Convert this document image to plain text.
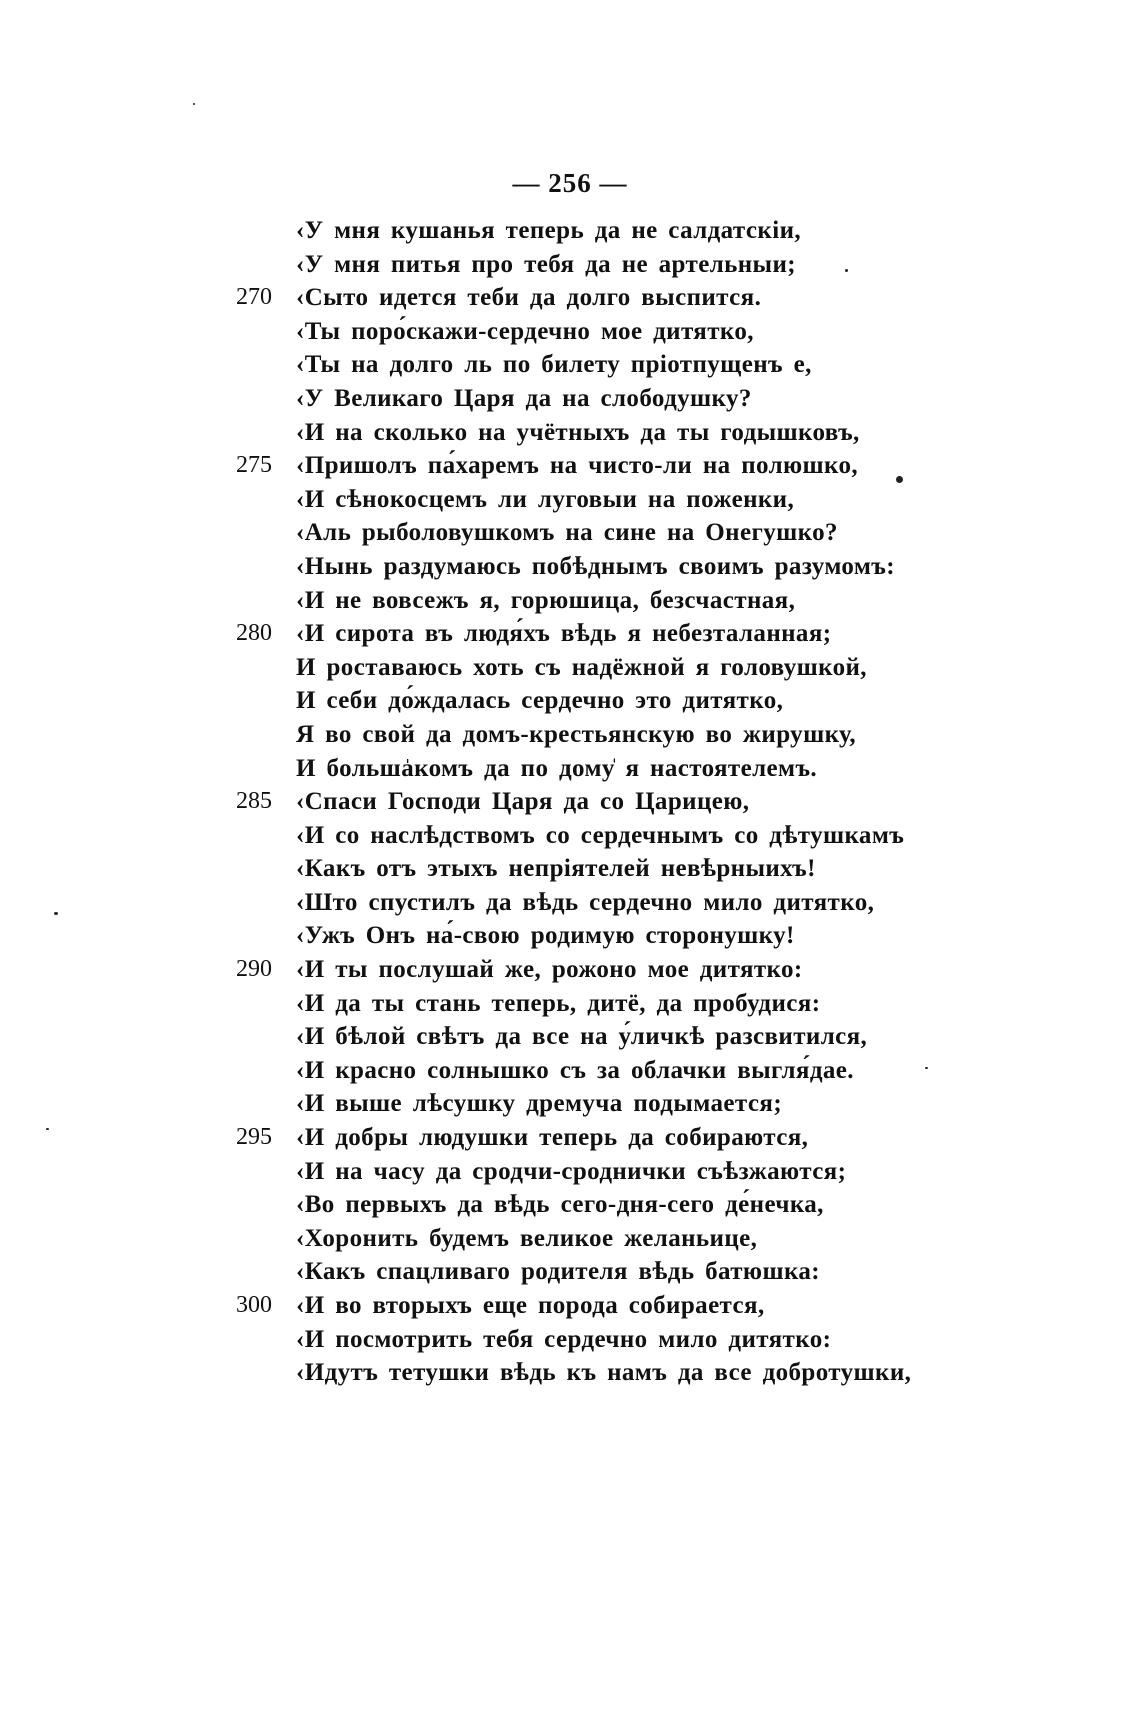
— 256 —
‹У мня кушанья теперь да не салдатскiи,
‹У мня питья про тебя да не артельныи;
270 ‹Сыто идется теби да долго выспится.
‹Ты поро́скажи-сердечно мое дитятко,
‹Ты на долго ль по билету прiотпущенъ е,
‹У Великаго Царя да на слободушку?
‹И на сколько на учётныхъ да ты годышковъ,
275 ‹Пришолъ па́харемъ на чисто-ли на полюшко,
‹И сѣнокосцемъ ли луговыи на поженки,
‹Аль рыболовушкомъ на сине на Онегушко?
‹Нынь раздумаюсь побѣднымъ своимъ разумомъ:
‹И не вовсежъ я, горюшица, безсчастная,
280 ‹И сирота въ людя́хъ вѣдь я небезталанная;
И роставаюсь хоть съ надёжной я головушкой,
И себи до́ждалась сердечно это дитятко,
Я во свой да домъ-крестьянскую во жирушку,
И большa̍комъ да по дому̍ я настоятелемъ.
285 ‹Спаси Господи Царя да со Царицею,
‹И со наслѣдствомъ со сердечнымъ со дѣтушкамъ
‹Какъ отъ этыхъ непрiятелей невѣрныихъ!
‹Што спустилъ да вѣдь сердечно мило дитятко,
‹Ужъ Онъ на́-свою родимую сторонушку!
290 ‹И ты послушай же, рожоно мое дитятко:
‹И да ты стань теперь, дитё, да пробудися:
‹И бѣлой свѣтъ да все на у́личкѣ разсвитился,
‹И красно солнышко съ за облачки выгля́дае.
‹И выше лѣсушку дремуча подымается;
295 ‹И добры людушки теперь да собираются,
‹И на часу да сродчи-сроднички съѣзжаются;
‹Во первыхъ да вѣдь сего-дня-сего де́нечка,
‹Хоронить будемъ великое желаньице,
‹Какъ спацливаго родителя вѣдь батюшка:
300 ‹И во вторыхъ еще порода собирается,
‹И посмотрить тебя сердечно мило дитятко:
‹Идутъ тетушки вѣдь къ намъ да все добротушки,
